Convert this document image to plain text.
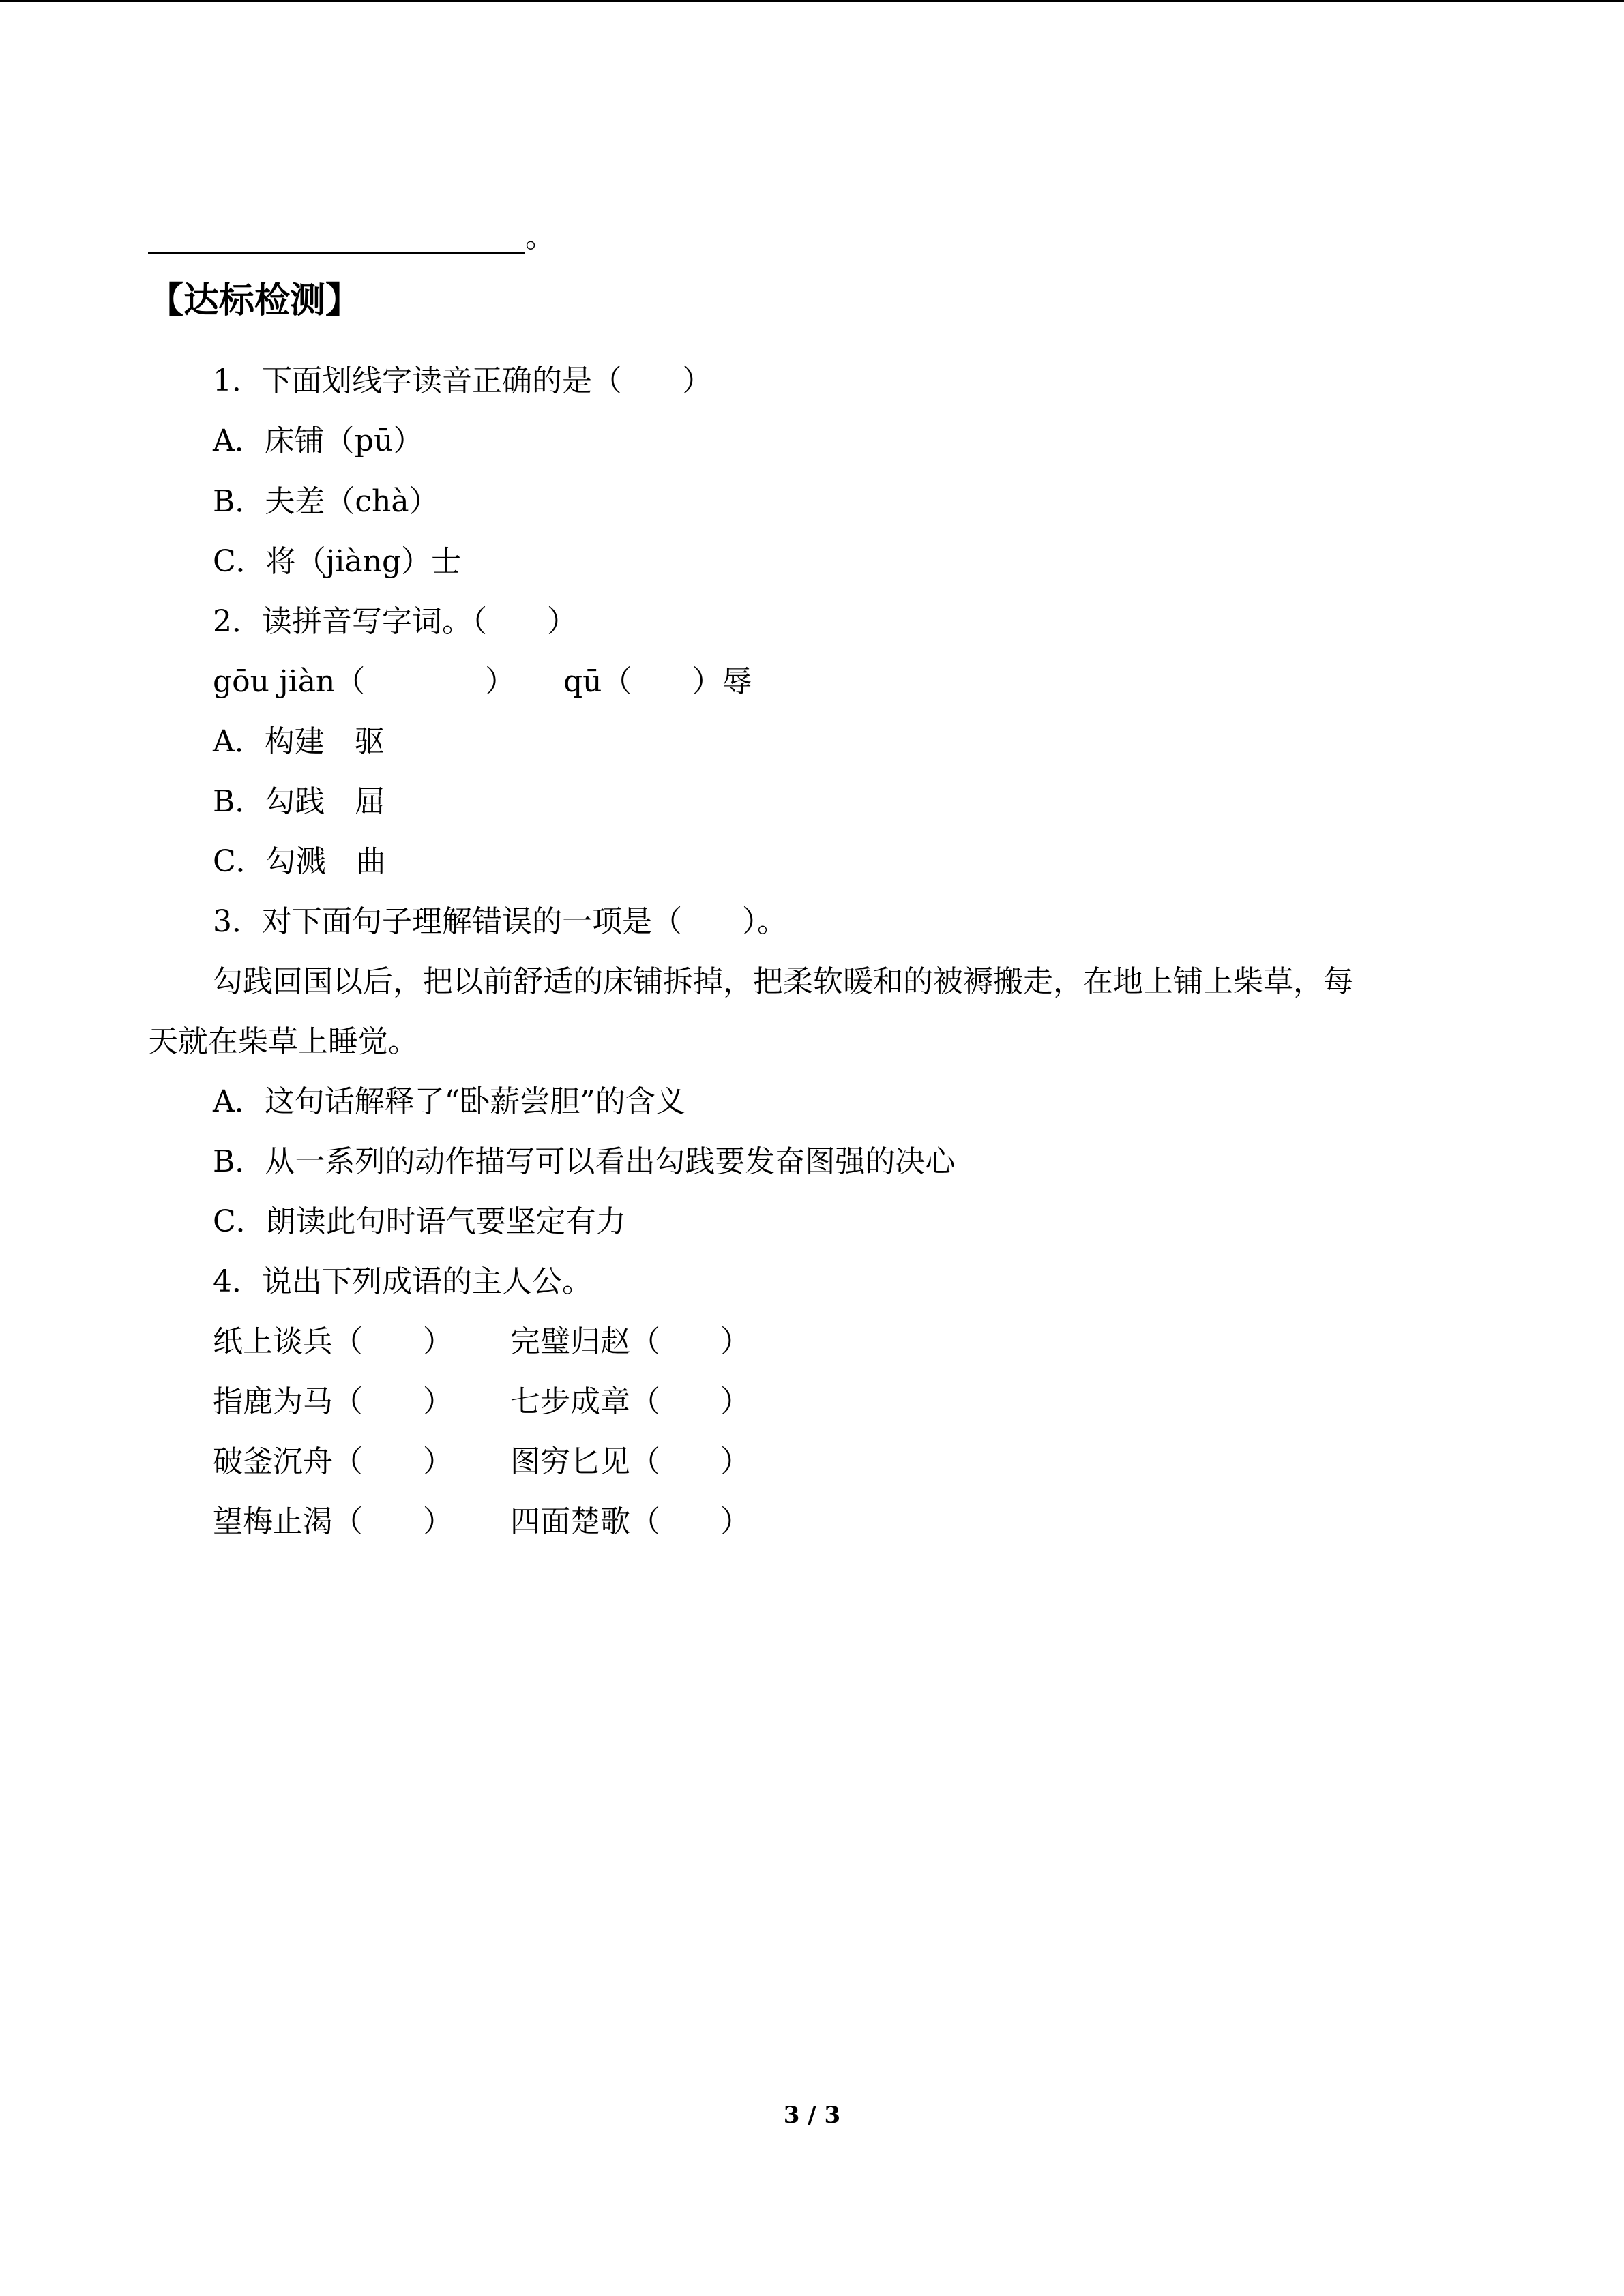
。
【达标检测】
1．下面划线字读音正确的是（　　）
A．床铺（pū）
B．夫差（chà）
C．将（jiàng）士
2．读拼音写字词。（　　）
gōu jiàn（　　　　） qū（　　）辱
A．构建　驱
B．勾践　屈
C．勾溅　曲
3．对下面句子理解错误的一项是（　　）。
勾践回国以后，把以前舒适的床铺拆掉，把柔软暖和的被褥搬走，在地上铺上柴草，每
天就在柴草上睡觉。
A．这句话解释了“卧薪尝胆”的含义
B．从一系列的动作描写可以看出勾践要发奋图强的决心
C．朗读此句时语气要坚定有力
4．说出下列成语的主人公。
纸上谈兵（　　） 完璧归赵（　　）
指鹿为马（　　） 七步成章（　　）
破釜沉舟（　　） 图穷匕见（　　）
望梅止渴（　　） 四面楚歌（　　）
3 / 3
